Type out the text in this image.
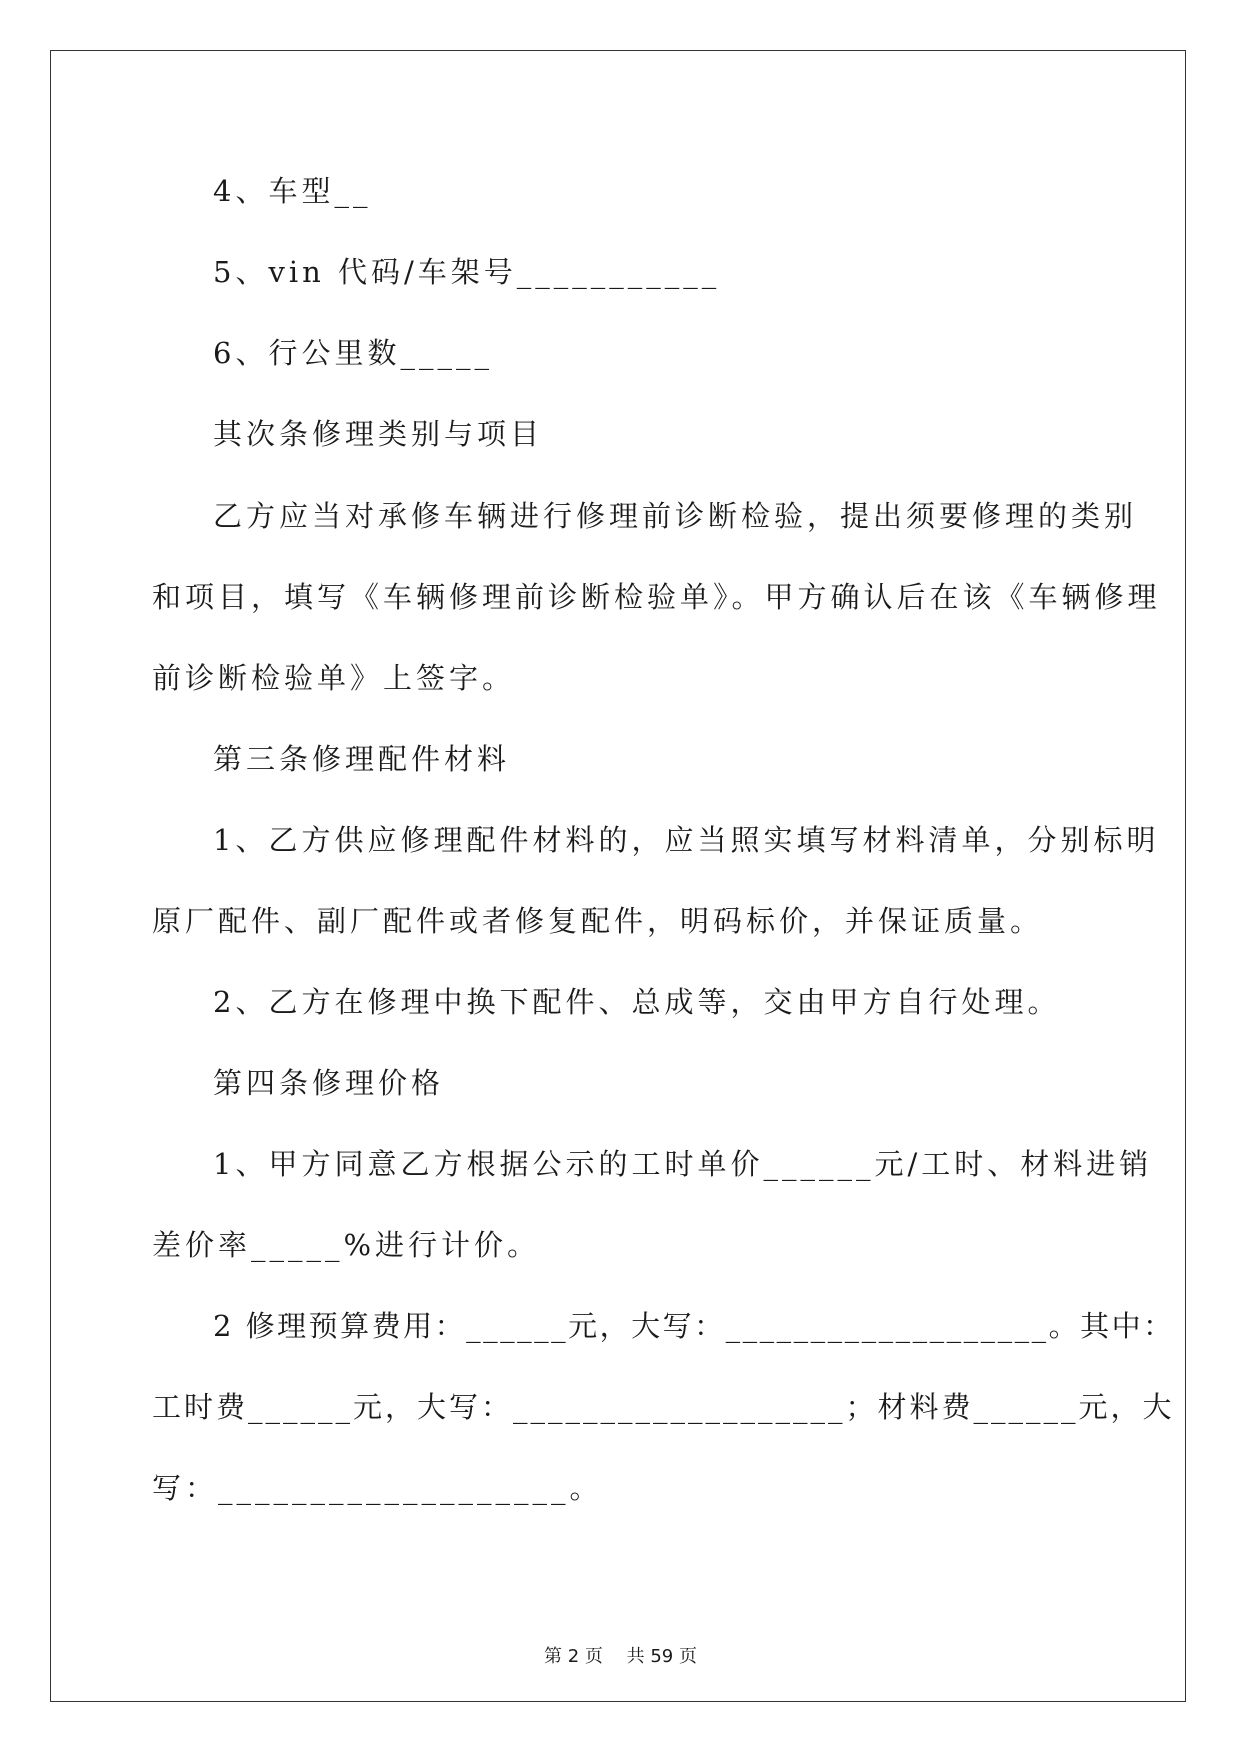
4、车型__

5、vin 代码/车架号___________

6、行公里数_____

其次条修理类别与项目

乙方应当对承修车辆进行修理前诊断检验，提出须要修理的类别

和项目，填写《车辆修理前诊断检验单》。甲方确认后在该《车辆修理

前诊断检验单》上签字。

第三条修理配件材料

1、乙方供应修理配件材料的，应当照实填写材料清单，分别标明

原厂配件、副厂配件或者修复配件，明码标价，并保证质量。

2、乙方在修理中换下配件、总成等，交由甲方自行处理。

第四条修理价格

1、甲方同意乙方根据公示的工时单价______元/工时、材料进销

差价率_____%进行计价。

2 修理预算费用：______元，大写：___________________。其中：

工时费______元，大写：___________________；材料费______元，大

写：___________________。

第 2 页　 共 59 页
